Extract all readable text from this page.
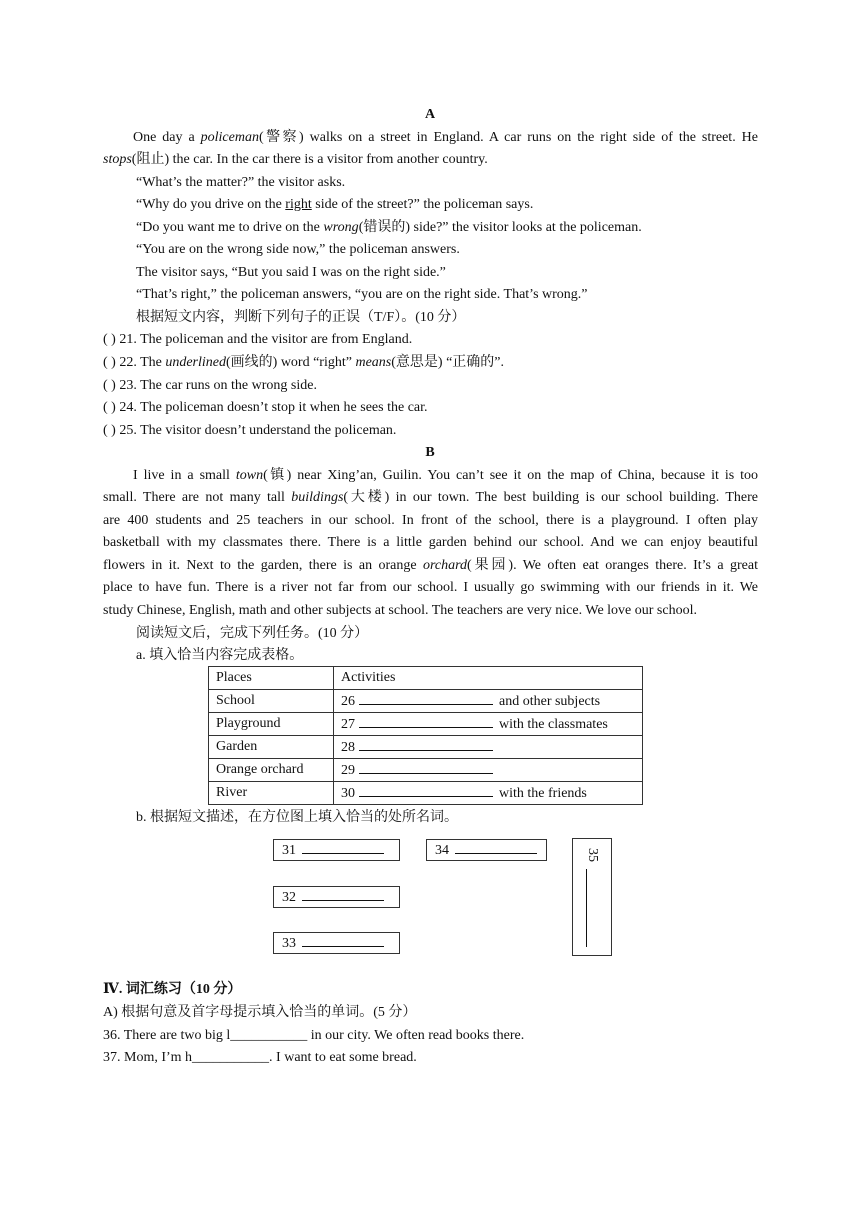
A
One day a policeman(警察) walks on a street in England. A car runs on the right side of the street. He
stops(阻止) the car. In the car there is a visitor from another country.
“What’s the matter?” the visitor asks.
“Why do you drive on the right side of the street?” the policeman says.
“Do you want me to drive on the wrong(错误的) side?” the visitor looks at the policeman.
“You are on the wrong side now,” the policeman answers.
The visitor says, “But you said I was on the right side.”
“That’s right,” the policeman answers, “you are on the right side. That’s wrong.”
根据短文内容，判断下列句子的正误（T/F）。(10 分）
( ) 21. The policeman and the visitor are from England.
( ) 22. The underlined(画线的) word “right” means(意思是) “正确的”.
( ) 23. The car runs on the wrong side.
( ) 24. The policeman doesn’t stop it when he sees the car.
( ) 25. The visitor doesn’t understand the policeman.
B
I live in a small town(镇) near Xing’an, Guilin. You can’t see it on the map of China, because it is too
small. There are not many tall buildings(大楼) in our town. The best building is our school building. There
are 400 students and 25 teachers in our school. In front of the school, there is a playground. I often play
basketball with my classmates there. There is a little garden behind our school. And we can enjoy beautiful
flowers in it. Next to the garden, there is an orange orchard(果园). We often eat oranges there. It’s a great
place to have fun. There is a river not far from our school. I usually go swimming with our friends in it. We
study Chinese, English, math and other subjects at school. The teachers are very nice. We love our school.
阅读短文后，完成下列任务。(10 分）
a. 填入恰当内容完成表格。
Places	Activities
School	26 and other subjects
Playground	27 with the classmates
Garden	28
Orange orchard	29
River	30 with the friends
b. 根据短文描述，在方位图上填入恰当的处所名词。
31	34
32
33
35
Ⅳ. 词汇练习（10 分）
A) 根据句意及首字母提示填入恰当的单词。(5 分）
36. There are two big l___________ in our city. We often read books there.
37. Mom, I’m h___________. I want to eat some bread.
